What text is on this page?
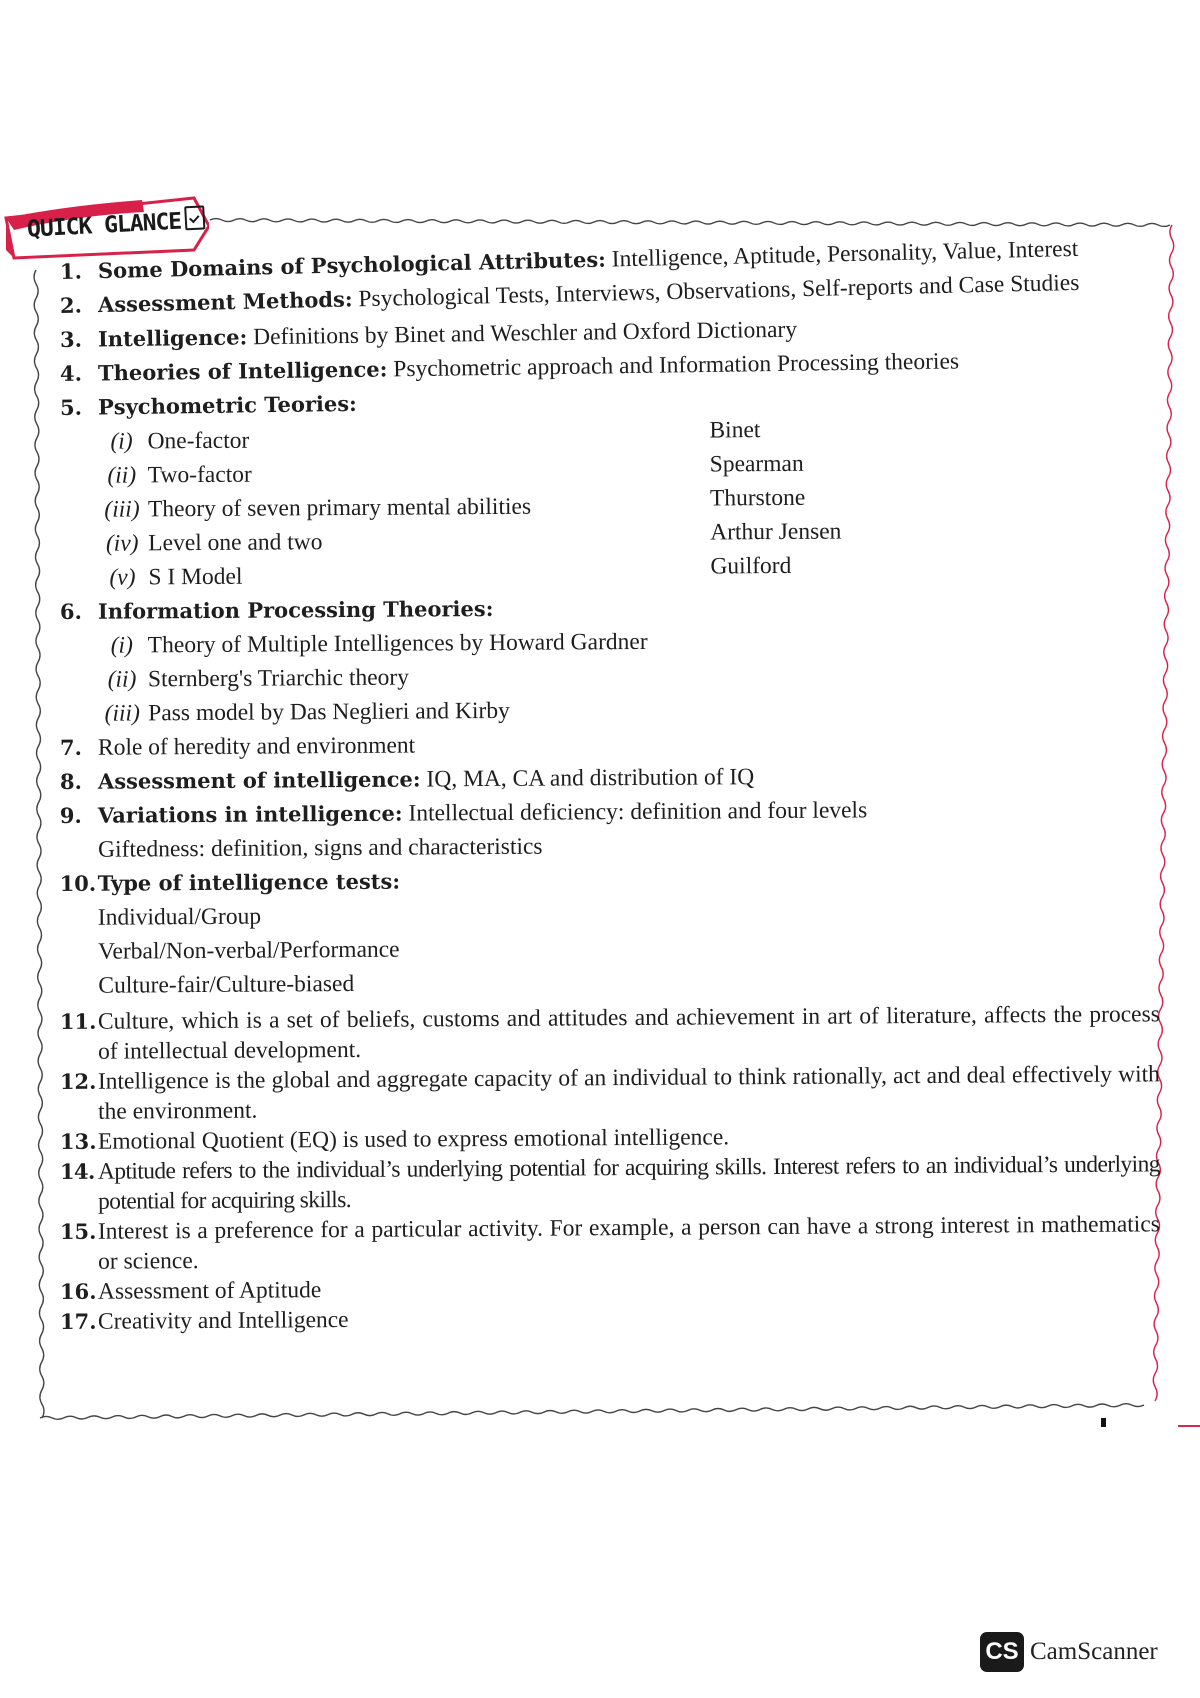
QUICK GLANCE
1. Some Domains of Psychological Attributes: Intelligence, Aptitude, Personality, Value, Interest
2. Assessment Methods: Psychological Tests, Interviews, Observations, Self-reports and Case Studies
3. Intelligence: Definitions by Binet and Weschler and Oxford Dictionary
4. Theories of Intelligence: Psychometric approach and Information Processing theories
5. Psychometric Teories:
(i) One-factor	Binet
(ii) Two-factor	Spearman
(iii) Theory of seven primary mental abilities	Thurstone
(iv) Level one and two	Arthur Jensen
(v) S I Model	Guilford
6. Information Processing Theories:
(i) Theory of Multiple Intelligences by Howard Gardner
(ii) Sternberg's Triarchic theory
(iii) Pass model by Das Neglieri and Kirby
7. Role of heredity and environment
8. Assessment of intelligence: IQ, MA, CA and distribution of IQ
9. Variations in intelligence: Intellectual deficiency: definition and four levels
Giftedness: definition, signs and characteristics
10. Type of intelligence tests:
Individual/Group
Verbal/Non-verbal/Performance
Culture-fair/Culture-biased
11. Culture, which is a set of beliefs, customs and attitudes and achievement in art of literature, affects the process of intellectual development.
12. Intelligence is the global and aggregate capacity of an individual to think rationally, act and deal effectively with the environment.
13. Emotional Quotient (EQ) is used to express emotional intelligence.
14. Aptitude refers to the individual’s underlying potential for acquiring skills. Interest refers to an individual’s underlying potential for acquiring skills.
15. Interest is a preference for a particular activity. For example, a person can have a strong interest in mathematics or science.
16. Assessment of Aptitude
17. Creativity and Intelligence
CS CamScanner
